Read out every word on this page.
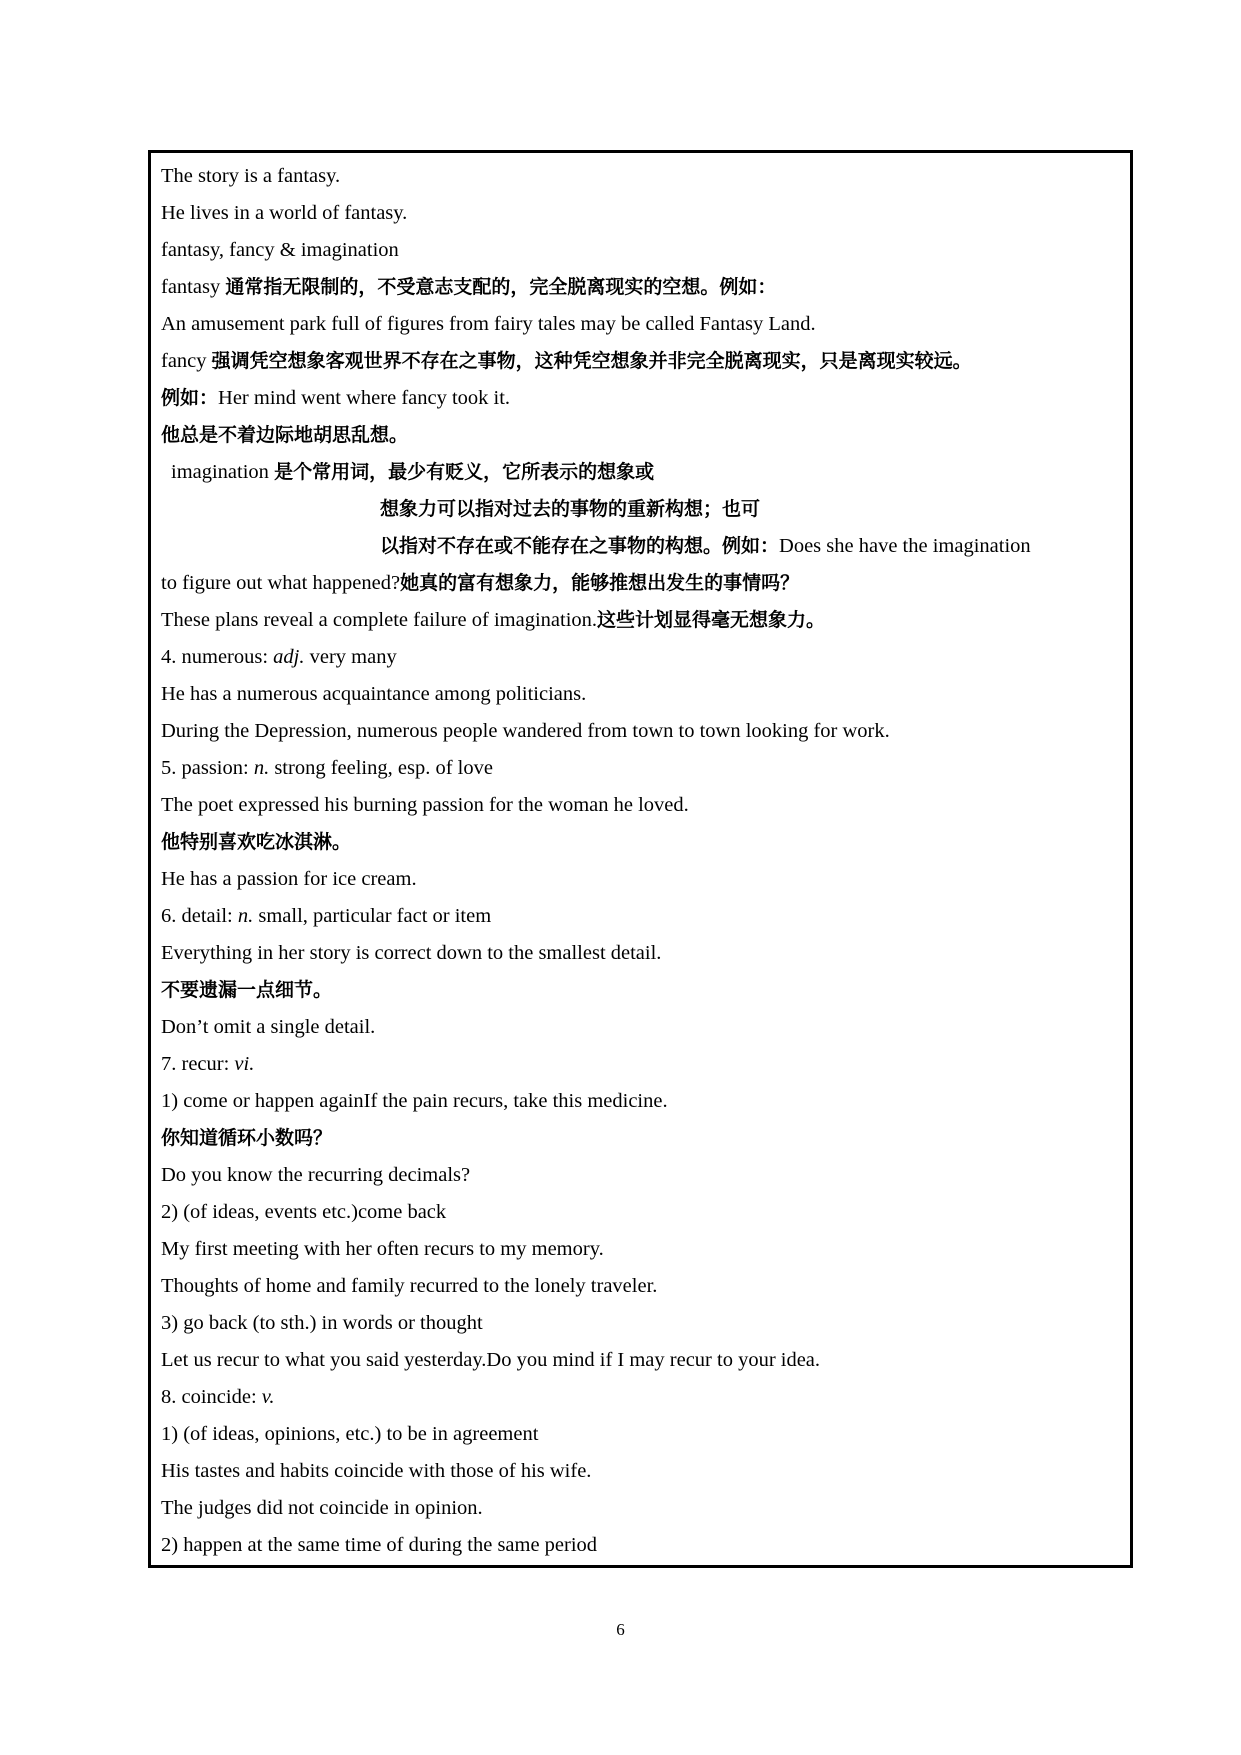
The story is a fantasy.
He lives in a world of fantasy.
fantasy, fancy & imagination
fantasy 通常指无限制的，不受意志支配的，完全脱离现实的空想。例如：
An amusement park full of figures from fairy tales may be called Fantasy Land.
fancy 强调凭空想象客观世界不存在之事物，这种凭空想象并非完全脱离现实，只是离现实较远。
例如：Her mind went where fancy took it.
他总是不着边际地胡思乱想。
imagination 是个常用词，最少有贬义，它所表示的想象或
想象力可以指对过去的事物的重新构想；也可
以指对不存在或不能存在之事物的构想。例如：Does she have the imagination
to figure out what happened?她真的富有想象力，能够推想出发生的事情吗？
These plans reveal a complete failure of imagination.这些计划显得毫无想象力。
4. numerous: adj. very many
He has a numerous acquaintance among politicians.
During the Depression, numerous people wandered from town to town looking for work.
5. passion: n. strong feeling, esp. of love
The poet expressed his burning passion for the woman he loved.
他特别喜欢吃冰淇淋。
He has a passion for ice cream.
6. detail: n. small, particular fact or item
Everything in her story is correct down to the smallest detail.
不要遗漏一点细节。
Don’t omit a single detail.
7. recur: vi.
1) come or happen againIf the pain recurs, take this medicine.
你知道循环小数吗？
Do you know the recurring decimals?
2) (of ideas, events etc.)come back
My first meeting with her often recurs to my memory.
Thoughts of home and family recurred to the lonely traveler.
3) go back (to sth.) in words or thought
Let us recur to what you said yesterday.Do you mind if I may recur to your idea.
8. coincide: v.
1) (of ideas, opinions, etc.) to be in agreement
His tastes and habits coincide with those of his wife.
The judges did not coincide in opinion.
2) happen at the same time of during the same period
6
